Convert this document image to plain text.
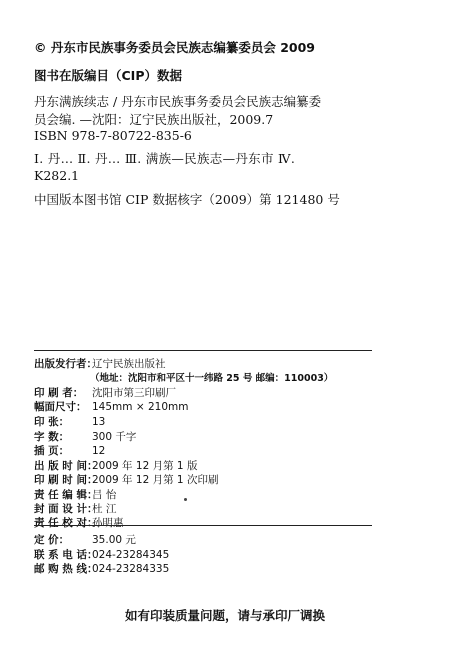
© 丹东市民族事务委员会民族志编纂委员会 2009
图书在版编目（CIP）数据
丹东满族续志 / 丹东市民族事务委员会民族志编纂委
员会编. —沈阳：辽宁民族出版社，2009.7
ISBN 978-7-80722-835-6
Ⅰ. 丹… Ⅱ. 丹… Ⅲ. 满族—民族志—丹东市 Ⅳ.
K282.1
中国版本图书馆 CIP 数据核字（2009）第 121480 号
出版发行者：辽宁民族出版社
（地址：沈阳市和平区十一纬路 25 号 邮编：110003）
印 刷 者： 沈阳市第三印刷厂
幅面尺寸： 145mm × 210mm
印 张： 13
字 数： 300 千字
插 页： 12
出 版 时 间：2009 年 12 月第 1 版
印 刷 时 间：2009 年 12 月第 1 次印刷
责 任 编 辑：吕 怡
封 面 设 计：杜 江
责 任 校 对：孙明惠
定 价： 35.00 元
联 系 电 话：024-23284345
邮 购 热 线：024-23284335
如有印装质量问题，请与承印厂调换
